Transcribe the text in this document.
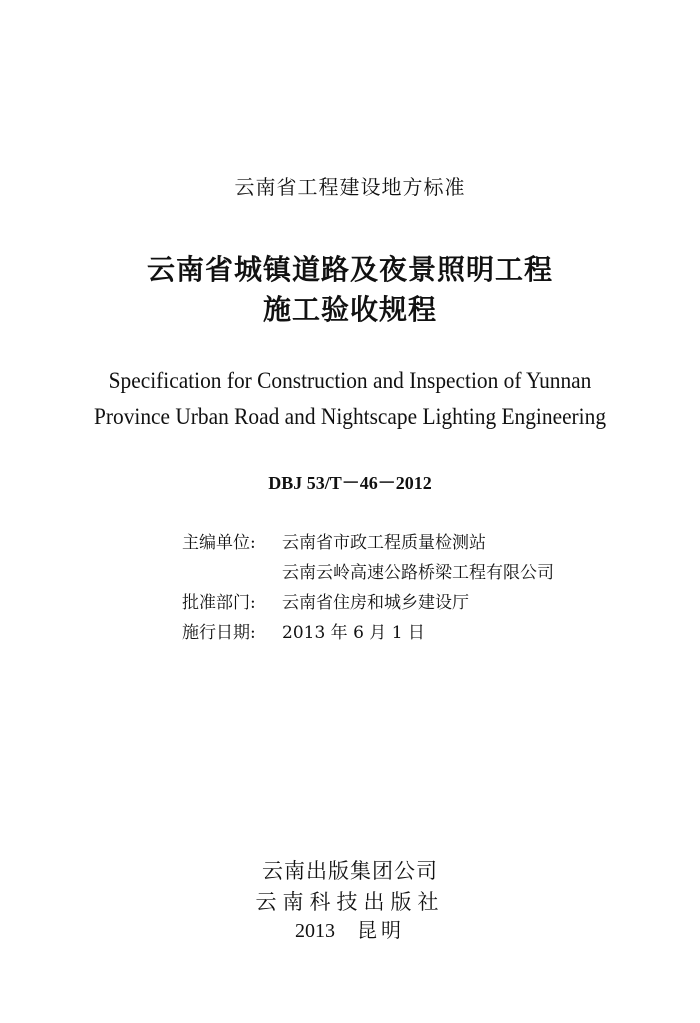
云南省工程建设地方标准
云南省城镇道路及夜景照明工程
施工验收规程
Specification for Construction and Inspection of Yunnan
Province Urban Road and Nightscape Lighting Engineering
DBJ 53/T－46－2012
主编单位: 云南省市政工程质量检测站
云南云岭高速公路桥梁工程有限公司
批准部门: 云南省住房和城乡建设厅
施行日期: 2013 年 6 月 1 日
云南出版集团公司
云南科技出版社
2013 昆明
